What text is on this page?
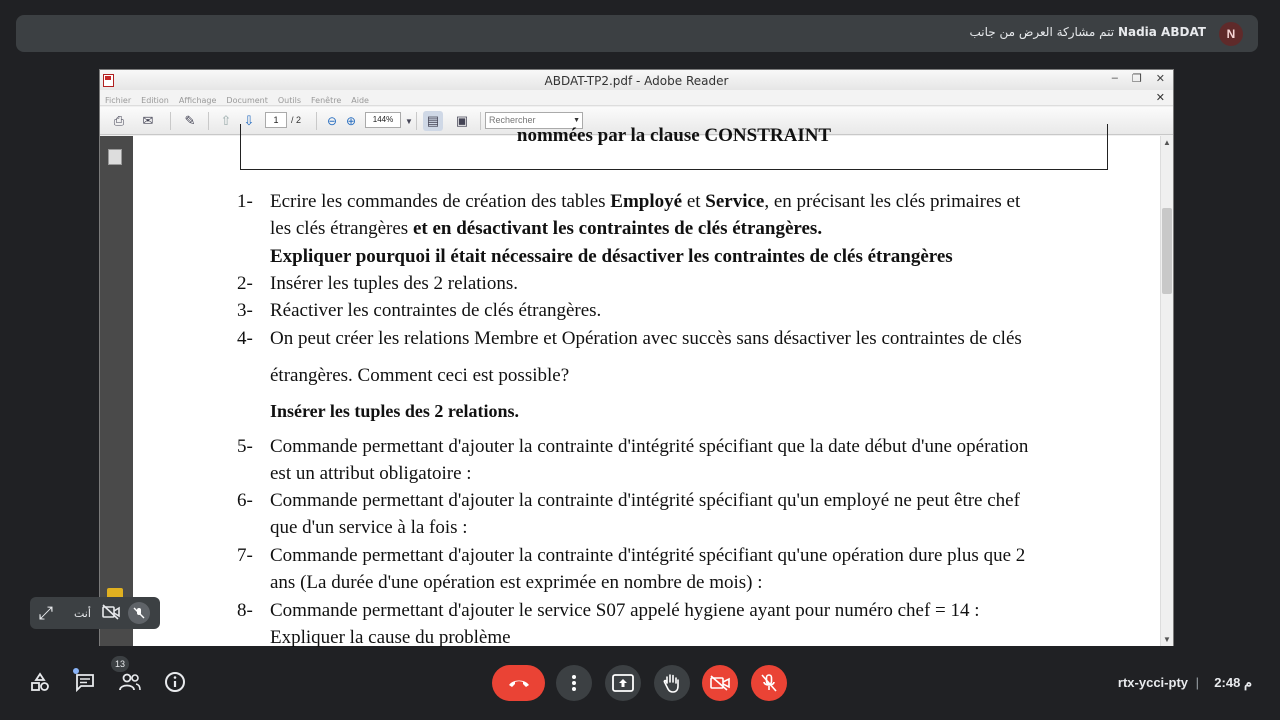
تتم مشاركة العرض من جانب Nadia ABDAT	N
ABDAT-TP2.pdf - Adobe Reader	– ❐ ✕
Fichier Edition Affichage Document Outils Fenêtre Aide	✕
⎙	✉	✎	⇧ ⇩	1	/ 2	⊖ ⊕	144%	▼	▤ ▣	Rechercher	▼
nommées par la clause CONSTRAINT
1- Ecrire les commandes de création des tables Employé et Service, en précisant les clés primaires et
les clés étrangères et en désactivant les contraintes de clés étrangères.
Expliquer pourquoi il était nécessaire de désactiver les contraintes de clés étrangères
2- Insérer les tuples des 2 relations.
3- Réactiver les contraintes de clés étrangères.
4- On peut créer les relations Membre et Opération avec succès sans désactiver les contraintes de clés
étrangères. Comment ceci est possible?
Insérer les tuples des 2 relations.
5- Commande permettant d'ajouter la contrainte d'intégrité spécifiant que la date début d'une opération
est un attribut obligatoire :
6- Commande permettant d'ajouter la contrainte d'intégrité spécifiant qu'un employé ne peut être chef
que d'un service à la fois :
7- Commande permettant d'ajouter la contrainte d'intégrité spécifiant qu'une opération dure plus que 2
ans (La durée d'une opération est exprimée en nombre de mois) :
8- Commande permettant d'ajouter le service S07 appelé hygiene ayant pour numéro chef = 14 :
Expliquer la cause du problème
▲
▼
⤢	أنت
13
rtx-ycci-pty | 2:48 م
